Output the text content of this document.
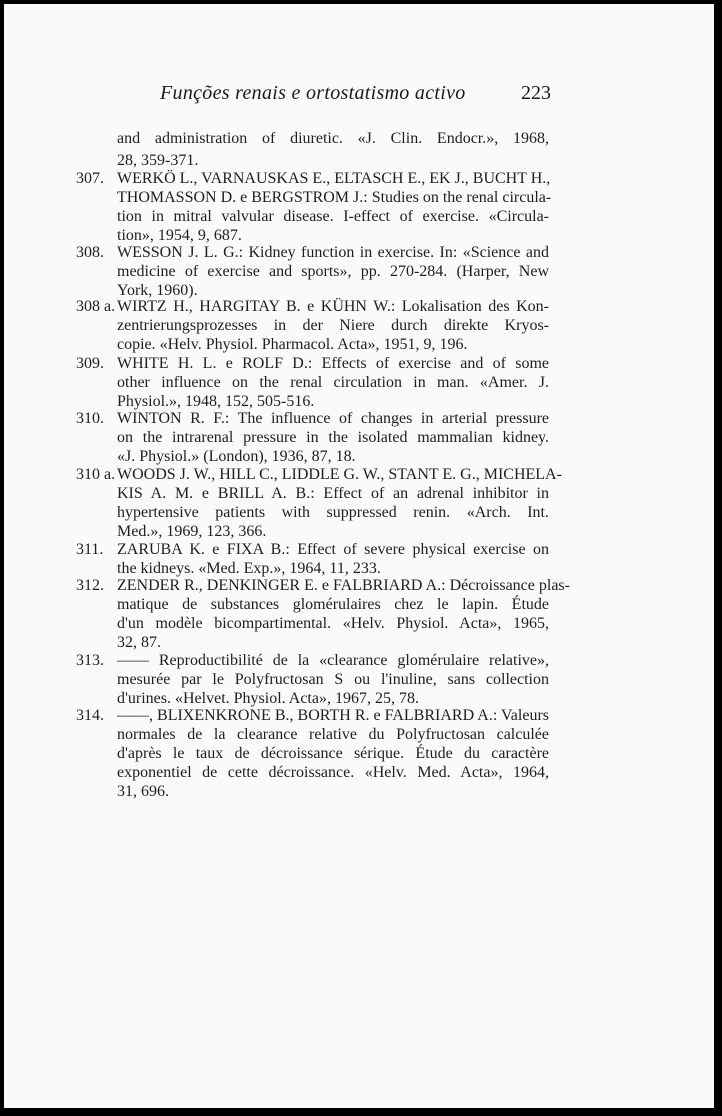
Funções renais e ortostatismo activo	223
and administration of diuretic. «J. Clin. Endocr.», 1968,
28, 359-371.
307. WERKÖ L., VARNAUSKAS E., ELTASCH E., EK J., BUCHT H.,
THOMASSON D. e BERGSTROM J.: Studies on the renal circula-
tion in mitral valvular disease. I-effect of exercise. «Circula-
tion», 1954, 9, 687.
308. WESSON J. L. G.: Kidney function in exercise. In: «Science and
medicine of exercise and sports», pp. 270-284. (Harper, New
York, 1960).
308 a. WIRTZ H., HARGITAY B. e KÜHN W.: Lokalisation des Kon-
zentrierungsprozesses in der Niere durch direkte Kryos-
copie. «Helv. Physiol. Pharmacol. Acta», 1951, 9, 196.
309. WHITE H. L. e ROLF D.: Effects of exercise and of some
other influence on the renal circulation in man. «Amer. J.
Physiol.», 1948, 152, 505-516.
310. WINTON R. F.: The influence of changes in arterial pressure
on the intrarenal pressure in the isolated mammalian kidney.
«J. Physiol.» (London), 1936, 87, 18.
310 a. WOODS J. W., HILL C., LIDDLE G. W., STANT E. G., MICHELA-
KIS A. M. e BRILL A. B.: Effect of an adrenal inhibitor in
hypertensive patients with suppressed renin. «Arch. Int.
Med.», 1969, 123, 366.
311. ZARUBA K. e FIXA B.: Effect of severe physical exercise on
the kidneys. «Med. Exp.», 1964, 11, 233.
312. ZENDER R., DENKINGER E. e FALBRIARD A.: Décroissance plas-
matique de substances glomérulaires chez le lapin. Étude
d'un modèle bicompartimental. «Helv. Physiol. Acta», 1965,
32, 87.
313. —— Reproductibilité de la «clearance glomérulaire relative»,
mesurée par le Polyfructosan S ou l'inuline, sans collection
d'urines. «Helvet. Physiol. Acta», 1967, 25, 78.
314. ——, BLIXENKRONE B., BORTH R. e FALBRIARD A.: Valeurs
normales de la clearance relative du Polyfructosan calculée
d'après le taux de décroissance sérique. Étude du caractère
exponentiel de cette décroissance. «Helv. Med. Acta», 1964,
31, 696.
